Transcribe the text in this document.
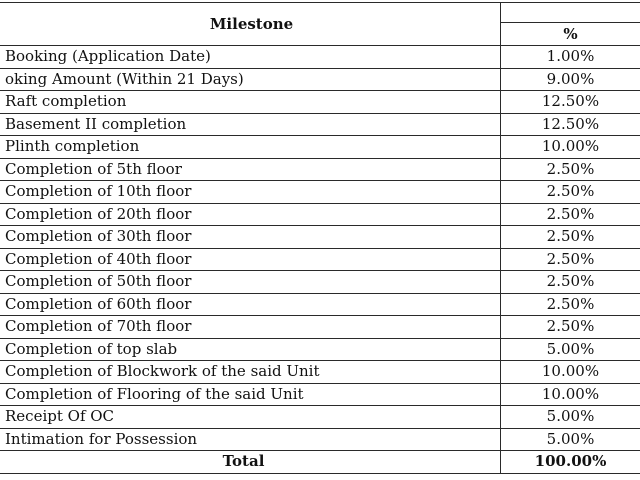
Milestone	
	%
Booking (Application Date)	1.00%
oking Amount (Within 21 Days)	9.00%
Raft completion	12.50%
Basement II completion	12.50%
Plinth completion	10.00%
Completion of 5th floor	2.50%
Completion of 10th floor	2.50%
Completion of 20th floor	2.50%
Completion of 30th floor	2.50%
Completion of 40th floor	2.50%
Completion of 50th floor	2.50%
Completion of 60th floor	2.50%
Completion of 70th floor	2.50%
Completion of top slab	5.00%
Completion of Blockwork of the said Unit	10.00%
Completion of Flooring of the said Unit	10.00%
Receipt Of OC	5.00%
Intimation for Possession	5.00%
Total	100.00%
